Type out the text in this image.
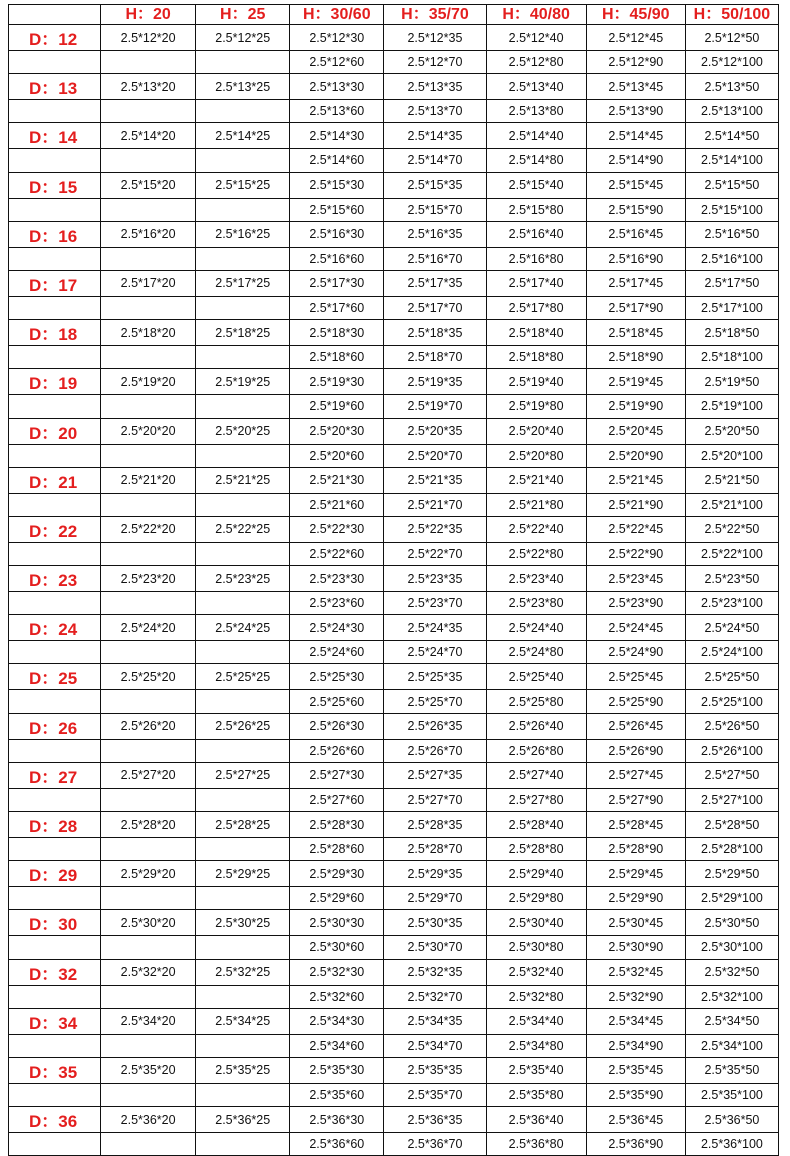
	H：20	H：25	H：30/60	H：35/70	H：40/80	H：45/90	H：50/100
D：12	2.5*12*20	2.5*12*25	2.5*12*30	2.5*12*35	2.5*12*40	2.5*12*45	2.5*12*50
			2.5*12*60	2.5*12*70	2.5*12*80	2.5*12*90	2.5*12*100
D：13	2.5*13*20	2.5*13*25	2.5*13*30	2.5*13*35	2.5*13*40	2.5*13*45	2.5*13*50
			2.5*13*60	2.5*13*70	2.5*13*80	2.5*13*90	2.5*13*100
D：14	2.5*14*20	2.5*14*25	2.5*14*30	2.5*14*35	2.5*14*40	2.5*14*45	2.5*14*50
			2.5*14*60	2.5*14*70	2.5*14*80	2.5*14*90	2.5*14*100
D：15	2.5*15*20	2.5*15*25	2.5*15*30	2.5*15*35	2.5*15*40	2.5*15*45	2.5*15*50
			2.5*15*60	2.5*15*70	2.5*15*80	2.5*15*90	2.5*15*100
D：16	2.5*16*20	2.5*16*25	2.5*16*30	2.5*16*35	2.5*16*40	2.5*16*45	2.5*16*50
			2.5*16*60	2.5*16*70	2.5*16*80	2.5*16*90	2.5*16*100
D：17	2.5*17*20	2.5*17*25	2.5*17*30	2.5*17*35	2.5*17*40	2.5*17*45	2.5*17*50
			2.5*17*60	2.5*17*70	2.5*17*80	2.5*17*90	2.5*17*100
D：18	2.5*18*20	2.5*18*25	2.5*18*30	2.5*18*35	2.5*18*40	2.5*18*45	2.5*18*50
			2.5*18*60	2.5*18*70	2.5*18*80	2.5*18*90	2.5*18*100
D：19	2.5*19*20	2.5*19*25	2.5*19*30	2.5*19*35	2.5*19*40	2.5*19*45	2.5*19*50
			2.5*19*60	2.5*19*70	2.5*19*80	2.5*19*90	2.5*19*100
D：20	2.5*20*20	2.5*20*25	2.5*20*30	2.5*20*35	2.5*20*40	2.5*20*45	2.5*20*50
			2.5*20*60	2.5*20*70	2.5*20*80	2.5*20*90	2.5*20*100
D：21	2.5*21*20	2.5*21*25	2.5*21*30	2.5*21*35	2.5*21*40	2.5*21*45	2.5*21*50
			2.5*21*60	2.5*21*70	2.5*21*80	2.5*21*90	2.5*21*100
D：22	2.5*22*20	2.5*22*25	2.5*22*30	2.5*22*35	2.5*22*40	2.5*22*45	2.5*22*50
			2.5*22*60	2.5*22*70	2.5*22*80	2.5*22*90	2.5*22*100
D：23	2.5*23*20	2.5*23*25	2.5*23*30	2.5*23*35	2.5*23*40	2.5*23*45	2.5*23*50
			2.5*23*60	2.5*23*70	2.5*23*80	2.5*23*90	2.5*23*100
D：24	2.5*24*20	2.5*24*25	2.5*24*30	2.5*24*35	2.5*24*40	2.5*24*45	2.5*24*50
			2.5*24*60	2.5*24*70	2.5*24*80	2.5*24*90	2.5*24*100
D：25	2.5*25*20	2.5*25*25	2.5*25*30	2.5*25*35	2.5*25*40	2.5*25*45	2.5*25*50
			2.5*25*60	2.5*25*70	2.5*25*80	2.5*25*90	2.5*25*100
D：26	2.5*26*20	2.5*26*25	2.5*26*30	2.5*26*35	2.5*26*40	2.5*26*45	2.5*26*50
			2.5*26*60	2.5*26*70	2.5*26*80	2.5*26*90	2.5*26*100
D：27	2.5*27*20	2.5*27*25	2.5*27*30	2.5*27*35	2.5*27*40	2.5*27*45	2.5*27*50
			2.5*27*60	2.5*27*70	2.5*27*80	2.5*27*90	2.5*27*100
D：28	2.5*28*20	2.5*28*25	2.5*28*30	2.5*28*35	2.5*28*40	2.5*28*45	2.5*28*50
			2.5*28*60	2.5*28*70	2.5*28*80	2.5*28*90	2.5*28*100
D：29	2.5*29*20	2.5*29*25	2.5*29*30	2.5*29*35	2.5*29*40	2.5*29*45	2.5*29*50
			2.5*29*60	2.5*29*70	2.5*29*80	2.5*29*90	2.5*29*100
D：30	2.5*30*20	2.5*30*25	2.5*30*30	2.5*30*35	2.5*30*40	2.5*30*45	2.5*30*50
			2.5*30*60	2.5*30*70	2.5*30*80	2.5*30*90	2.5*30*100
D：32	2.5*32*20	2.5*32*25	2.5*32*30	2.5*32*35	2.5*32*40	2.5*32*45	2.5*32*50
			2.5*32*60	2.5*32*70	2.5*32*80	2.5*32*90	2.5*32*100
D：34	2.5*34*20	2.5*34*25	2.5*34*30	2.5*34*35	2.5*34*40	2.5*34*45	2.5*34*50
			2.5*34*60	2.5*34*70	2.5*34*80	2.5*34*90	2.5*34*100
D：35	2.5*35*20	2.5*35*25	2.5*35*30	2.5*35*35	2.5*35*40	2.5*35*45	2.5*35*50
			2.5*35*60	2.5*35*70	2.5*35*80	2.5*35*90	2.5*35*100
D：36	2.5*36*20	2.5*36*25	2.5*36*30	2.5*36*35	2.5*36*40	2.5*36*45	2.5*36*50
			2.5*36*60	2.5*36*70	2.5*36*80	2.5*36*90	2.5*36*100
